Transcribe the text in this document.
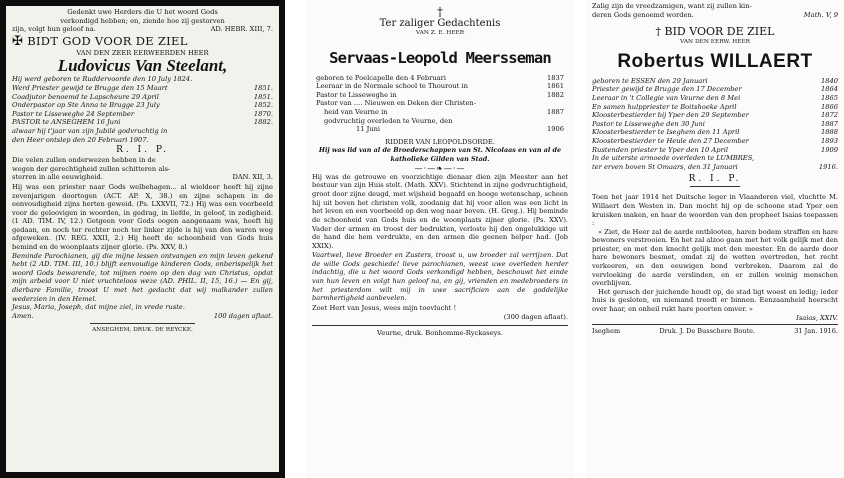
Gedenkt uwe Herders die U het woord Gods
verkondigd hebben; en, ziende hoe zij gestorven
zijn, volgt hun geloof na.	AD. HEBR. XIII, 7.
✠ BIDT GOD VOOR DE ZIEL
VAN DEN ZEER EERWEERDEN HEER
Ludovicus Van Steelant,
Hij werd geboren te Ruddervoorde den 10 July 1824.
Werd Priester gewijd te Brugge den 15 Maart	1851.
Coadjutor benoemd te Lapscheure 29 April	1851.
Onderpastor op Ste Anna te Brugge 23 July	1852.
Pastor te Lisseweghe 24 September	1870.
PASTOR te ANSEGHEM 16 Juni	1882.
alwaar hij t'jaar van zijn Jubilé godvruchtig in
den Heer ontslep den 20 Februari 1907.
R. I. P.
Die velen zullen onderwezen hebben in de
wegen der gerechtigheid zullen schitteren als-
sterren in alle eeuwigheid.	DAN. XII, 3.
Hij was een priester naar Gods welbehagen... al wieldeer heeft hij zijne zevenjarigen doortogen (ACT. AP. X, 38.) en zijne schapen in de eenvoudigheid zijns herten geweid. (Ps. LXXVII, 72.) Hij was een voorbeeld voor de geloovigen in woorden, in gedrag, in liefde, in geloof, in zedigheid. (1 AD. TIM. IV, 12.) Getgeen voor Gods oogen aangenaam was, heeft hij gedaan, en noch ter rechter noch ter linker zijde is hij van den waren weg afgeweken. (IV. REG. XXII, 2.) Hij heeft de schoonheid van Gods huis bemind en de woonplaats zijner glorie. (Ps. XXV, 8.)
Beminde Parochianen, gij die mijne lessen ontvangen en mijn leven gekend hebt (2 AD. TIM. III, 10.) blijft eenvoudige kinderen Gods, onberispelijk het woord Gods bewarende, tot mijnen roem op den dag van Christus, opdat mijn arbeid voor U niet vruchteloos weze (AD. PHIL. II, 15, 16.) — En gij, dierbare Familie, troost U met het gedacht dat wij malkander zullen wederzien in den Hemel.
Jesus, Maria, Joseph, dat mijne ziel, in vrede ruste. Amen.	100 dagen aflaat.
ANSEGHEM, DRUK. DE REYCKE.
†
Ter zaliger Gedachtenis
VAN Z. E. HEER
Servaas-Leopold Meersseman
geboren te Poelcapelle den 4 Februari	1837
Leeraar in de Normale school te Thourout in	1861
Pastor te Lisseweghe in	1882
Pastor van .... Nieuwen en Deken der Christen-
heid van Veurne in	1887
godvruchtig overleden te Veurne, den
11 Juni	1906
RIDDER VAN LEOPOLDSORDE.
Hij was lid van al de Broederschappen van St. Nicolaas en van al de katholieke Gilden van Stad.
—·—❧—·—
Hij was de getrouwe en voorzichtige dienaar dien zijn Meester aan het bestuur van zijn Huis stelt. (Math. XXV). Stichtend in zijne godvruchtigheid, groot door zijne deugd, met wijsheid begaafd en hooge wetenschap, scheen hij uit boven het christen volk, zoodanig dat hij voor allen was een licht in het leven en een voorbeeld op den weg naar boven. (H. Greg.). Hij beminde de schoonheid van Gods huis en de woonplaats zijner glorie. (Ps. XXV). Vader der armen en troost der bedrukten, verloste hij den ongelukkige uit de hand die hem verdrukte, en den armen die geenen helper had. (Job XXIX).
Vaartwel, lieve Broeder en Zusters, troost u, uw broeder zal verrijzen. Dat de wille Gods geschiede! lieve parochianen, weest uwe overleden herder indachtig, die u het woord Gods verkondigd hebben, beschouwt het einde van hun leven en volgt hun geloof na, en gij, vrienden en medebroeders in het priesterdom wilt mij in uwe sacrificien aan de goddelijke barmhertigheid aanbevelen.
Zoet Hert van Jesus, wees mijn toevlucht !
(300 dagen aflaat).
Veurne, druk. Bonhomme-Ryckaseys.
Zalig zijn de vreedzamigen, want zij zullen kin-
deren Gods genoemd worden.	Math. V, 9
† BID VOOR DE ZIEL
VAN DEN EERW. HEER
Robertus WILLAERT
geboren te ESSEN den 29 Januari	1840
Priester gewijd te Brugge den 17 December	1864
Leeraar in 't Collegie van Veurne den 8 Mei	1865
En samen hulppriester te Boitshoeke April	1866
Kloosterbestierder bij Yper den 29 September	1872
Pastor te Lisseweghe den 30 Juni	1887
Kloosterbestierder te Iseghem den 11 April	1888
Kloosterbestierder te Heule den 27 December	1893
Rustenden priester te Yper den 10 April	1909
In de uiterste armoede overleden te LUMBRES,
ter erven boven St Omaars, den 31 Januari	1916.
R. I. P.
Toen het jaar 1914 het Duitsche leger in Vlaanderen viel, vluchtte M. Willaert den Westen in. Dan mocht hij op de schoone stad Yper een kruisken maken, en haar de woorden van den propheet Isaias toepassen :
« Ziet, de Heer zal de aarde ontblooten, haren bodem straffen en hare bewoners verstrooien. En het zal alzoo gaan met het volk gelijk met den priester, en met den knecht gelijk met den meester. En de aarde door hare bewoners besmet, omdat zij de wetten overtreden, het recht verkeeren, en den eeuwigen bond verbreken. Daarom zal de vervloeking de aarde verslinden, en er zullen weinig menschen overblijven.
Het gerusch der juichende houdt op, de stad ligt woest en ledig; ieder huis is gesloten, en niemand treedt er binnen. Eenzaamheid heerscht over haar, en onheil rukt hare poorten omver. »
Isaias, XXIV.
Iseghem	Druk. J. De Busschere Boute.	31 Jan. 1916.
